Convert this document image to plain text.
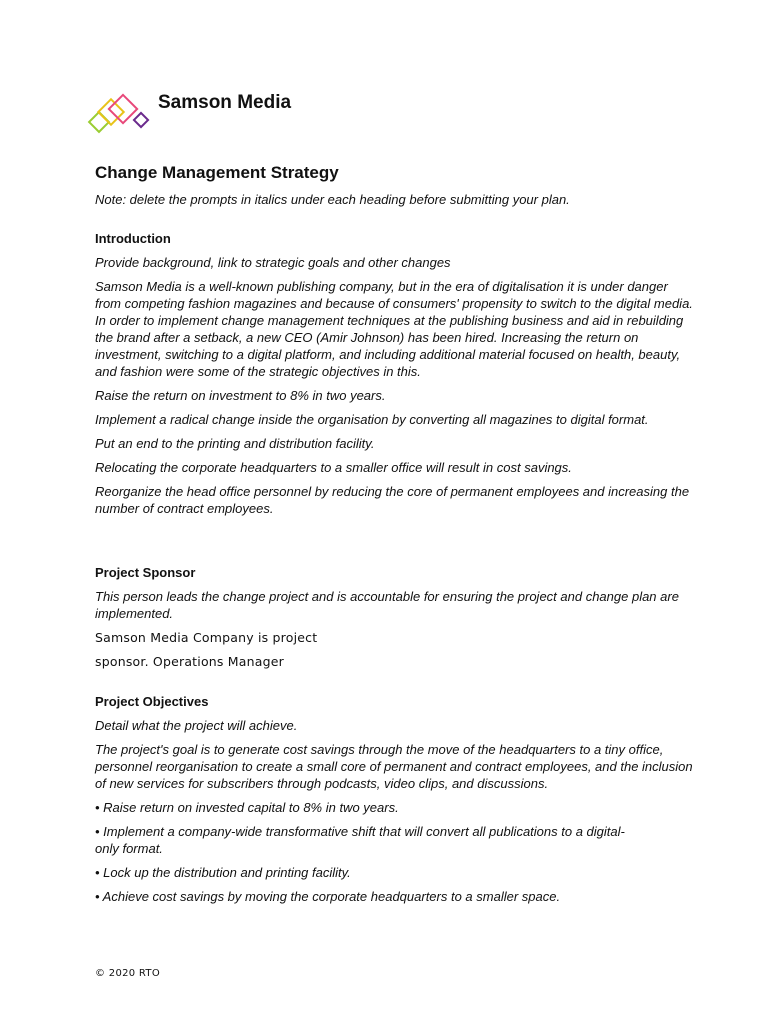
Samson Media
Change Management Strategy

Note: delete the prompts in italics under each heading before submitting your plan.

Introduction

Provide background, link to strategic goals and other changes

Samson Media is a well-known publishing company, but in the era of digitalisation it is under danger from competing fashion magazines and because of consumers' propensity to switch to the digital media. In order to implement change management techniques at the publishing business and aid in rebuilding the brand after a setback, a new CEO (Amir Johnson) has been hired. Increasing the return on investment, switching to a digital platform, and including additional material focused on health, beauty, and fashion were some of the strategic objectives in this.

Raise the return on investment to 8% in two years.

Implement a radical change inside the organisation by converting all magazines to digital format.

Put an end to the printing and distribution facility.

Relocating the corporate headquarters to a smaller office will result in cost savings.

Reorganize the head office personnel by reducing the core of permanent employees and increasing the number of contract employees.

Project Sponsor

This person leads the change project and is accountable for ensuring the project and change plan are implemented.

Samson Media Company is project

sponsor. Operations Manager

Project Objectives

Detail what the project will achieve.

The project's goal is to generate cost savings through the move of the headquarters to a tiny office, personnel reorganisation to create a small core of permanent and contract employees, and the inclusion of new services for subscribers through podcasts, video clips, and discussions.

• Raise return on invested capital to 8% in two years.

• Implement a company-wide transformative shift that will convert all publications to a digital-

only format.

• Lock up the distribution and printing facility.

• Achieve cost savings by moving the corporate headquarters to a smaller space.

© 2020 RTO
